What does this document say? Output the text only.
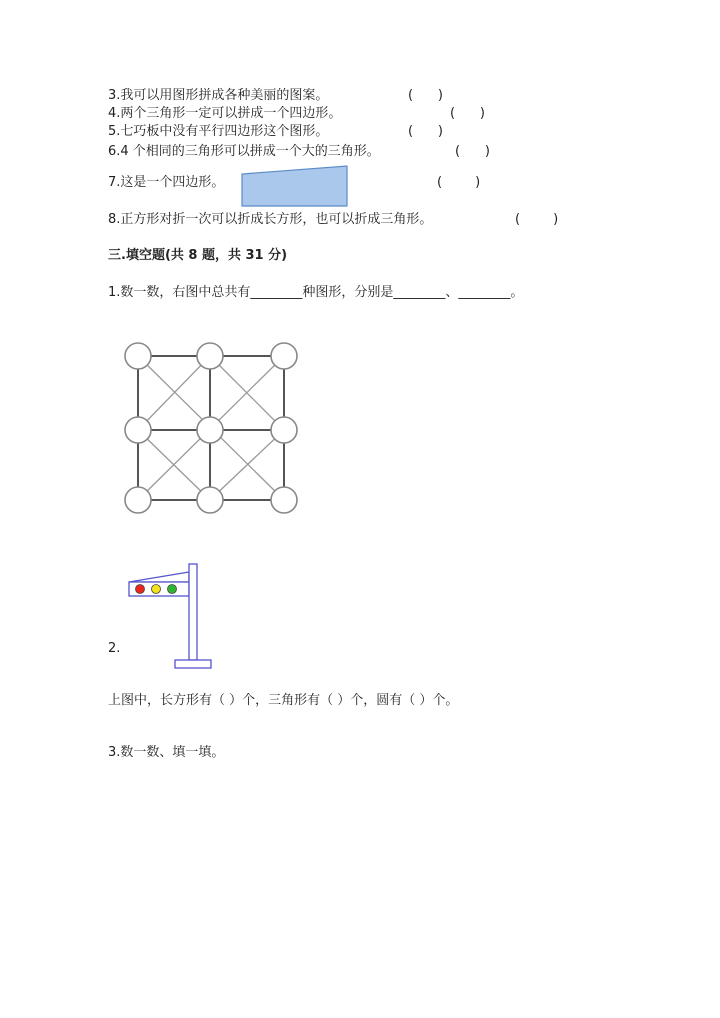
3.我可以用图形拼成各种美丽的图案。	(      )
4.两个三角形一定可以拼成一个四边形。	(      )
5.七巧板中没有平行四边形这个图形。	(      )
6.4 个相同的三角形可以拼成一个大的三角形。	(      )
7.这是一个四边形。	(        )
8.正方形对折一次可以折成长方形，也可以折成三角形。	(        )
三.填空题(共 8 题，共 31 分)
1.数一数，右图中总共有________种图形，分别是________、________。
2.
上图中，长方形有（ ）个，三角形有（ ）个，圆有（ ）个。
3.数一数、填一填。
